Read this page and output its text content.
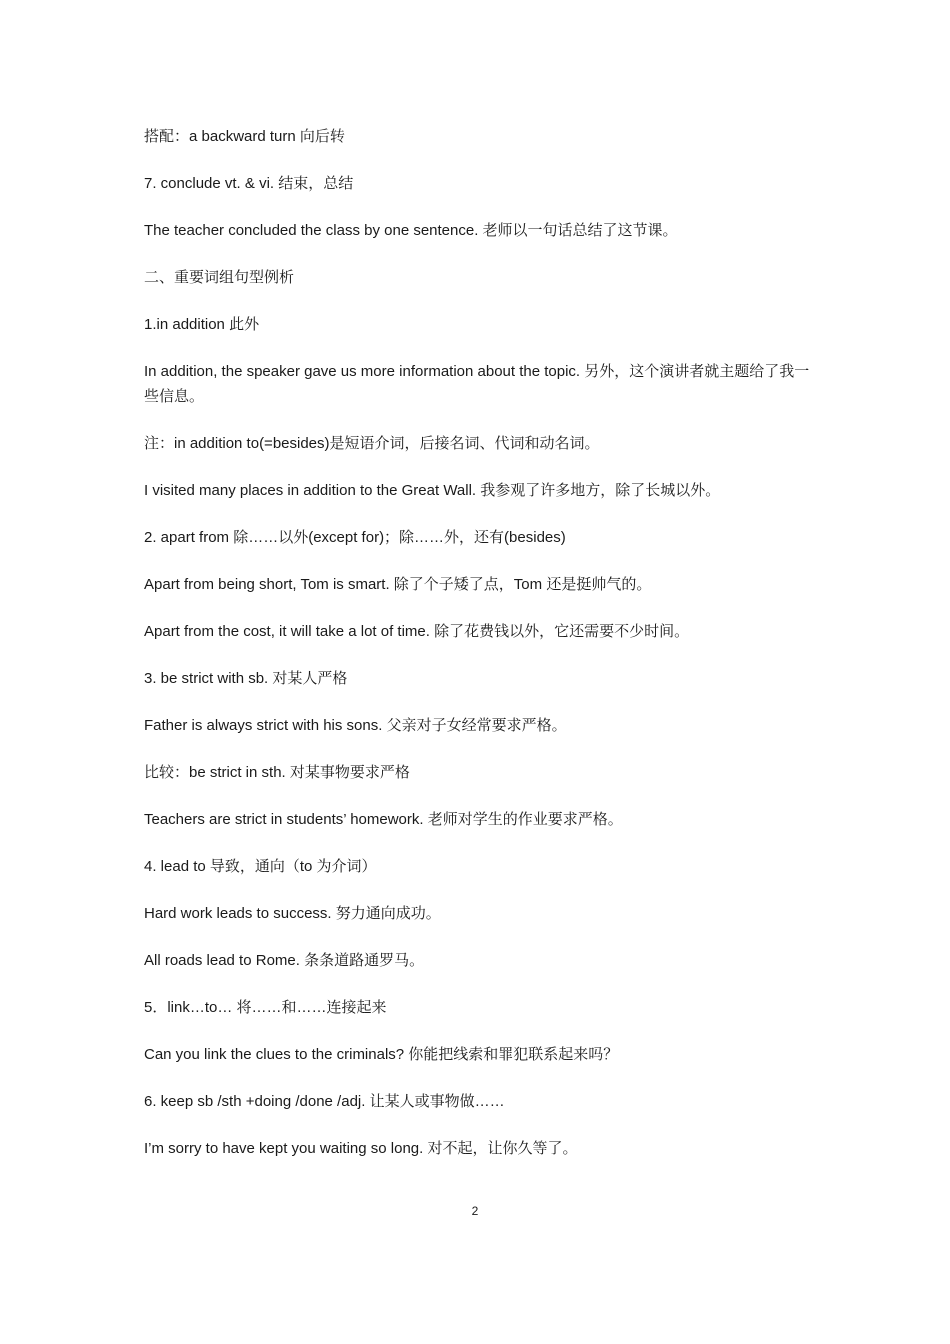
搭配：a backward turn 向后转

7. conclude vt. & vi. 结束，总结

The teacher concluded the class by one sentence. 老师以一句话总结了这节课。

二、重要词组句型例析

1.in addition 此外

In addition, the speaker gave us more information about the topic. 另外，这个演讲者就主题给了我一些信息。

注：in addition to(=besides)是短语介词，后接名词、代词和动名词。

I visited many places in addition to the Great Wall. 我参观了许多地方，除了长城以外。

2. apart from 除……以外(except for)；除……外，还有(besides)

Apart from being short, Tom is smart. 除了个子矮了点，Tom 还是挺帅气的。

Apart from the cost, it will take a lot of time. 除了花费钱以外，它还需要不少时间。

3. be strict with sb. 对某人严格

Father is always strict with his sons. 父亲对子女经常要求严格。

比较：be strict in sth. 对某事物要求严格

Teachers are strict in students’ homework. 老师对学生的作业要求严格。

4. lead to 导致，通向（to 为介词）

Hard work leads to success. 努力通向成功。

All roads lead to Rome. 条条道路通罗马。

5．link…to… 将……和……连接起来

Can you link the clues to the criminals? 你能把线索和罪犯联系起来吗？

6. keep sb /sth +doing /done /adj. 让某人或事物做……

I’m sorry to have kept you waiting so long. 对不起，让你久等了。

2
